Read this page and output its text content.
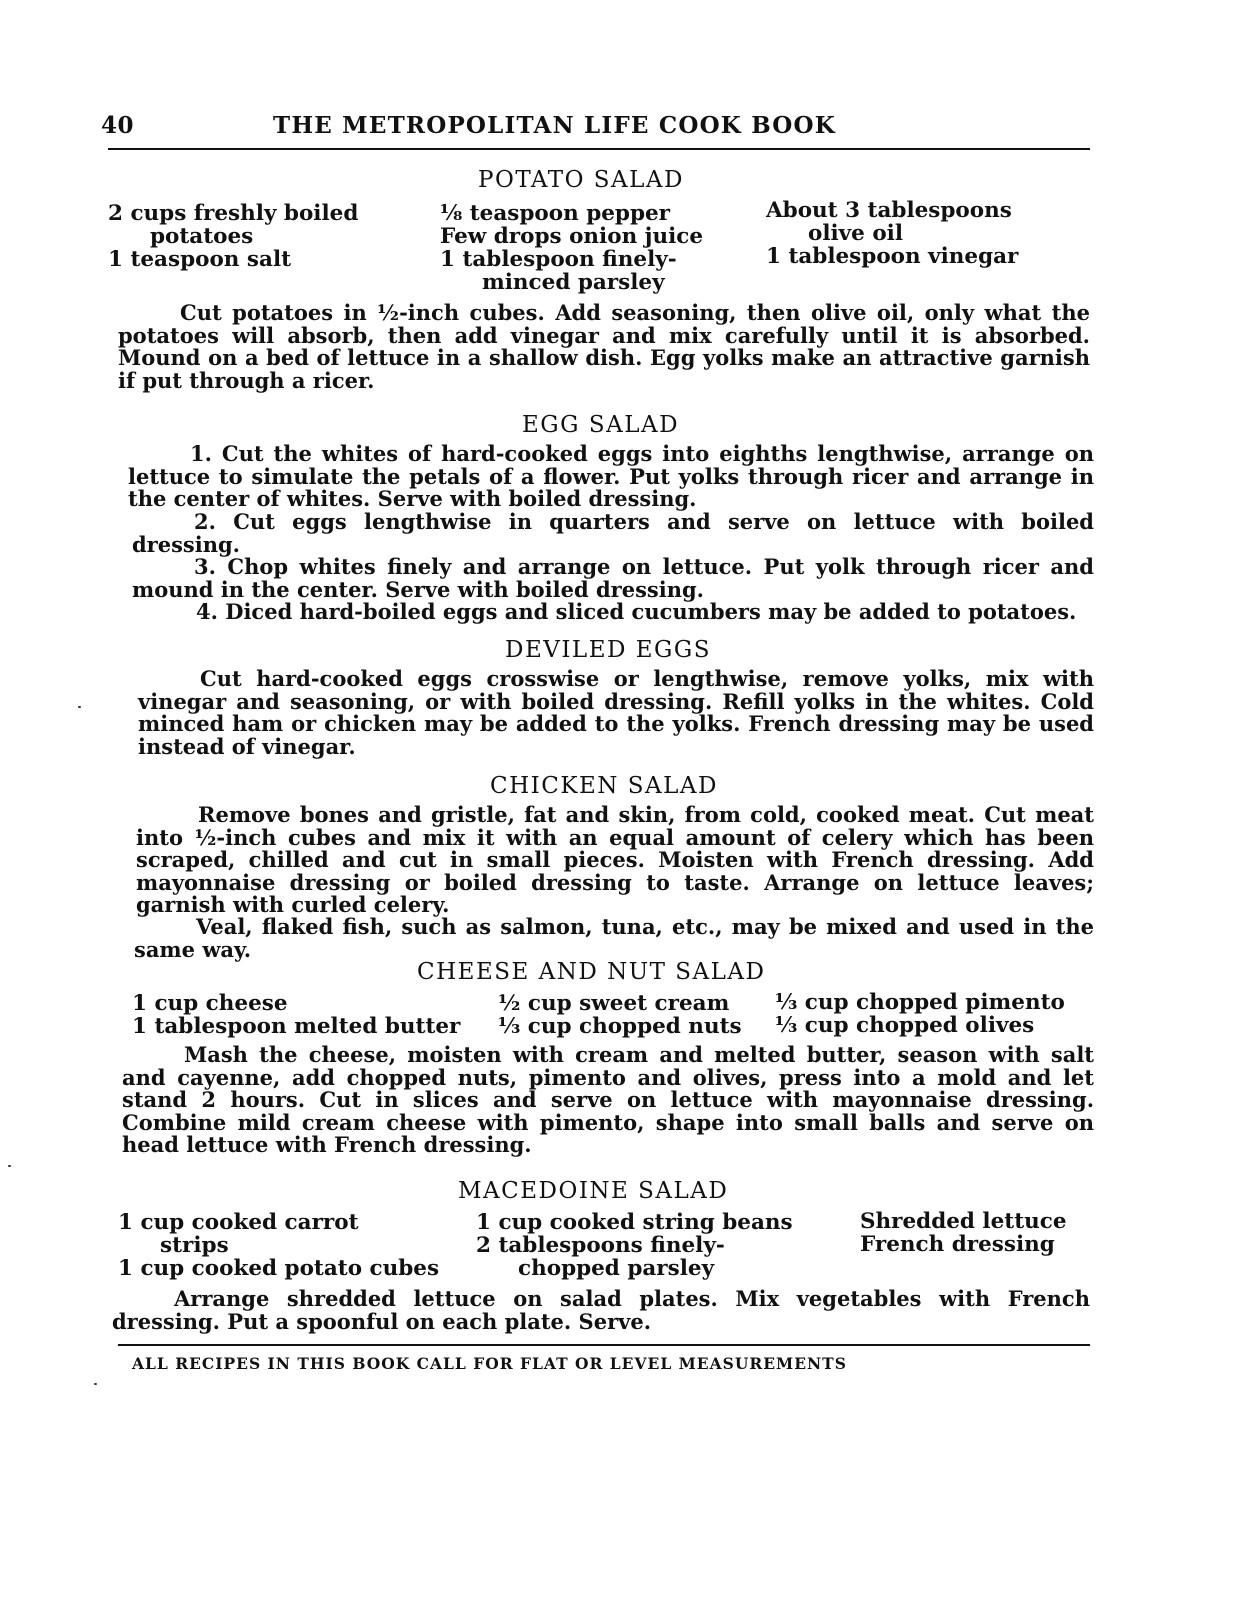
40	THE METROPOLITAN LIFE COOK BOOK
POTATO SALAD
2 cups freshly boiled
potatoes
1 teaspoon salt
⅛ teaspoon pepper
Few drops onion juice
1 tablespoon finely-
minced parsley
About 3 tablespoons
olive oil
1 tablespoon vinegar
Cut potatoes in ½-inch cubes. Add seasoning, then olive oil, only what the potatoes will absorb, then add vinegar and mix carefully until it is absorbed. Mound on a bed of lettuce in a shallow dish. Egg yolks make an attractive garnish if put through a ricer.
EGG SALAD
1. Cut the whites of hard-cooked eggs into eighths lengthwise, arrange on lettuce to simulate the petals of a flower. Put yolks through ricer and arrange in the center of whites. Serve with boiled dressing.
2. Cut eggs lengthwise in quarters and serve on lettuce with boiled dressing.
3. Chop whites finely and arrange on lettuce. Put yolk through ricer and mound in the center. Serve with boiled dressing.
4. Diced hard-boiled eggs and sliced cucumbers may be added to potatoes.
DEVILED EGGS
Cut hard-cooked eggs crosswise or lengthwise, remove yolks, mix with vinegar and seasoning, or with boiled dressing. Refill yolks in the whites. Cold minced ham or chicken may be added to the yolks. French dressing may be used instead of vinegar.
CHICKEN SALAD
Remove bones and gristle, fat and skin, from cold, cooked meat. Cut meat into ½-inch cubes and mix it with an equal amount of celery which has been scraped, chilled and cut in small pieces. Moisten with French dressing. Add mayonnaise dressing or boiled dressing to taste. Arrange on lettuce leaves; garnish with curled celery.
Veal, flaked fish, such as salmon, tuna, etc., may be mixed and used in the same way.
CHEESE AND NUT SALAD
1 cup cheese
1 tablespoon melted butter
½ cup sweet cream
⅓ cup chopped nuts
⅓ cup chopped pimento
⅓ cup chopped olives
Mash the cheese, moisten with cream and melted butter, season with salt and cayenne, add chopped nuts, pimento and olives, press into a mold and let stand 2 hours. Cut in slices and serve on lettuce with mayonnaise dressing. Combine mild cream cheese with pimento, shape into small balls and serve on head lettuce with French dressing.
MACEDOINE SALAD
1 cup cooked carrot
strips
1 cup cooked potato cubes
1 cup cooked string beans
2 tablespoons finely-
chopped parsley
Shredded lettuce
French dressing
Arrange shredded lettuce on salad plates. Mix vegetables with French dressing. Put a spoonful on each plate. Serve.
ALL RECIPES IN THIS BOOK CALL FOR FLAT OR LEVEL MEASUREMENTS
